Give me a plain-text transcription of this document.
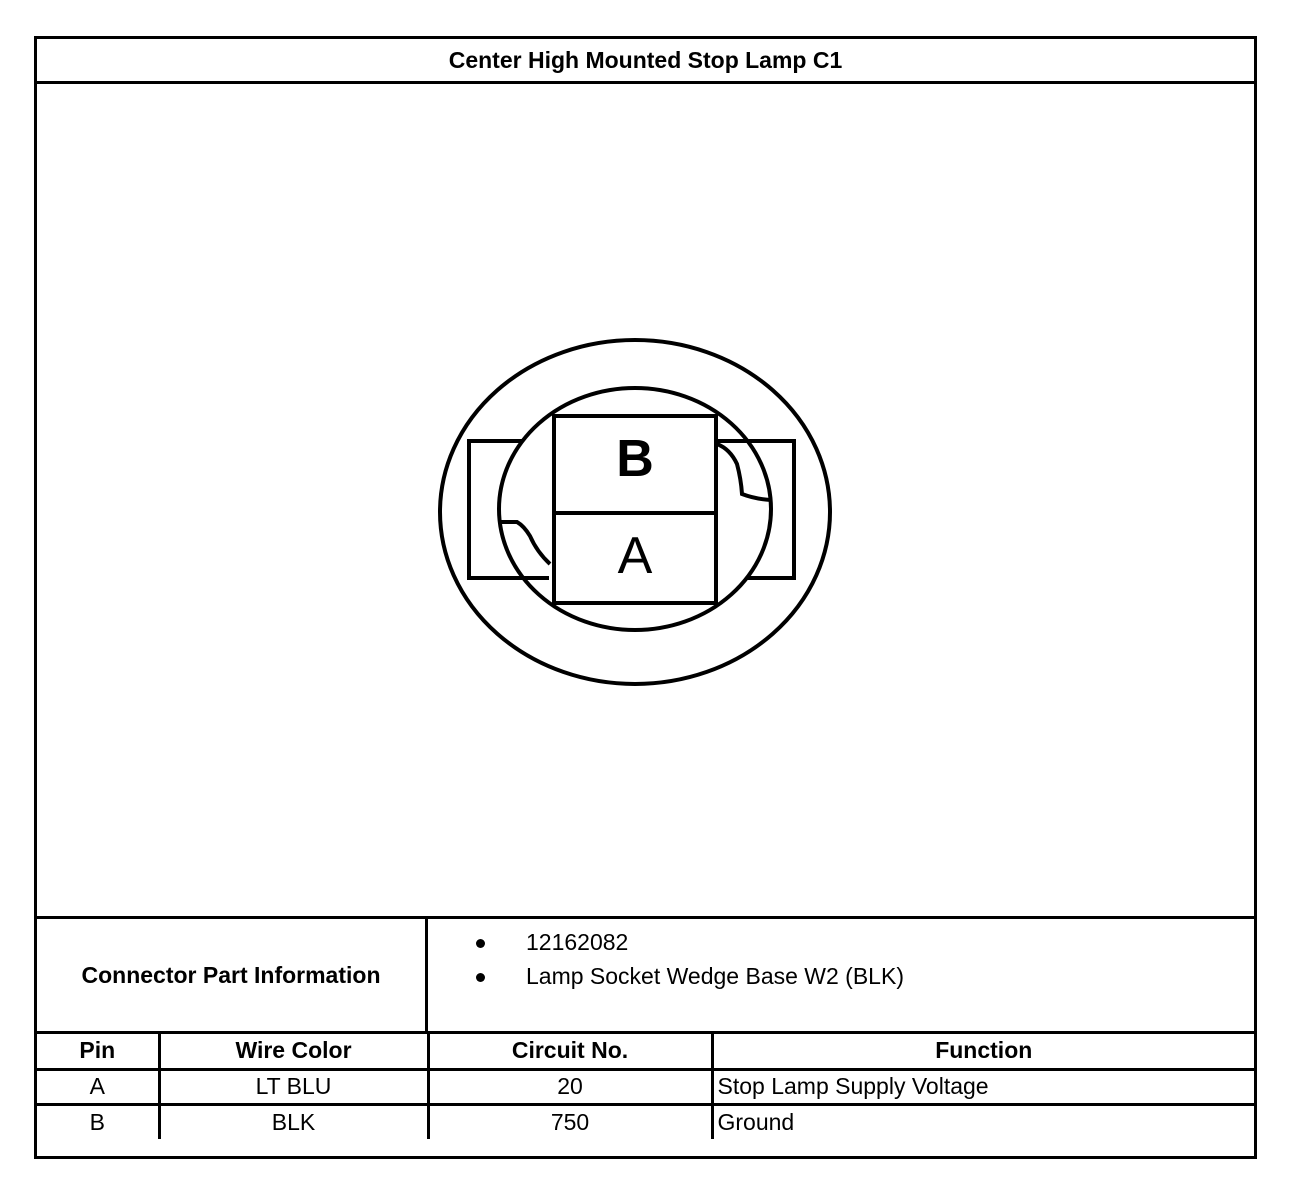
Center High Mounted Stop Lamp C1
B
A
Connector Part Information
12162082
Lamp Socket Wedge Base W2 (BLK)
Pin	Wire Color	Circuit No.	Function
A	LT BLU	20	Stop Lamp Supply Voltage
B	BLK	750	Ground
